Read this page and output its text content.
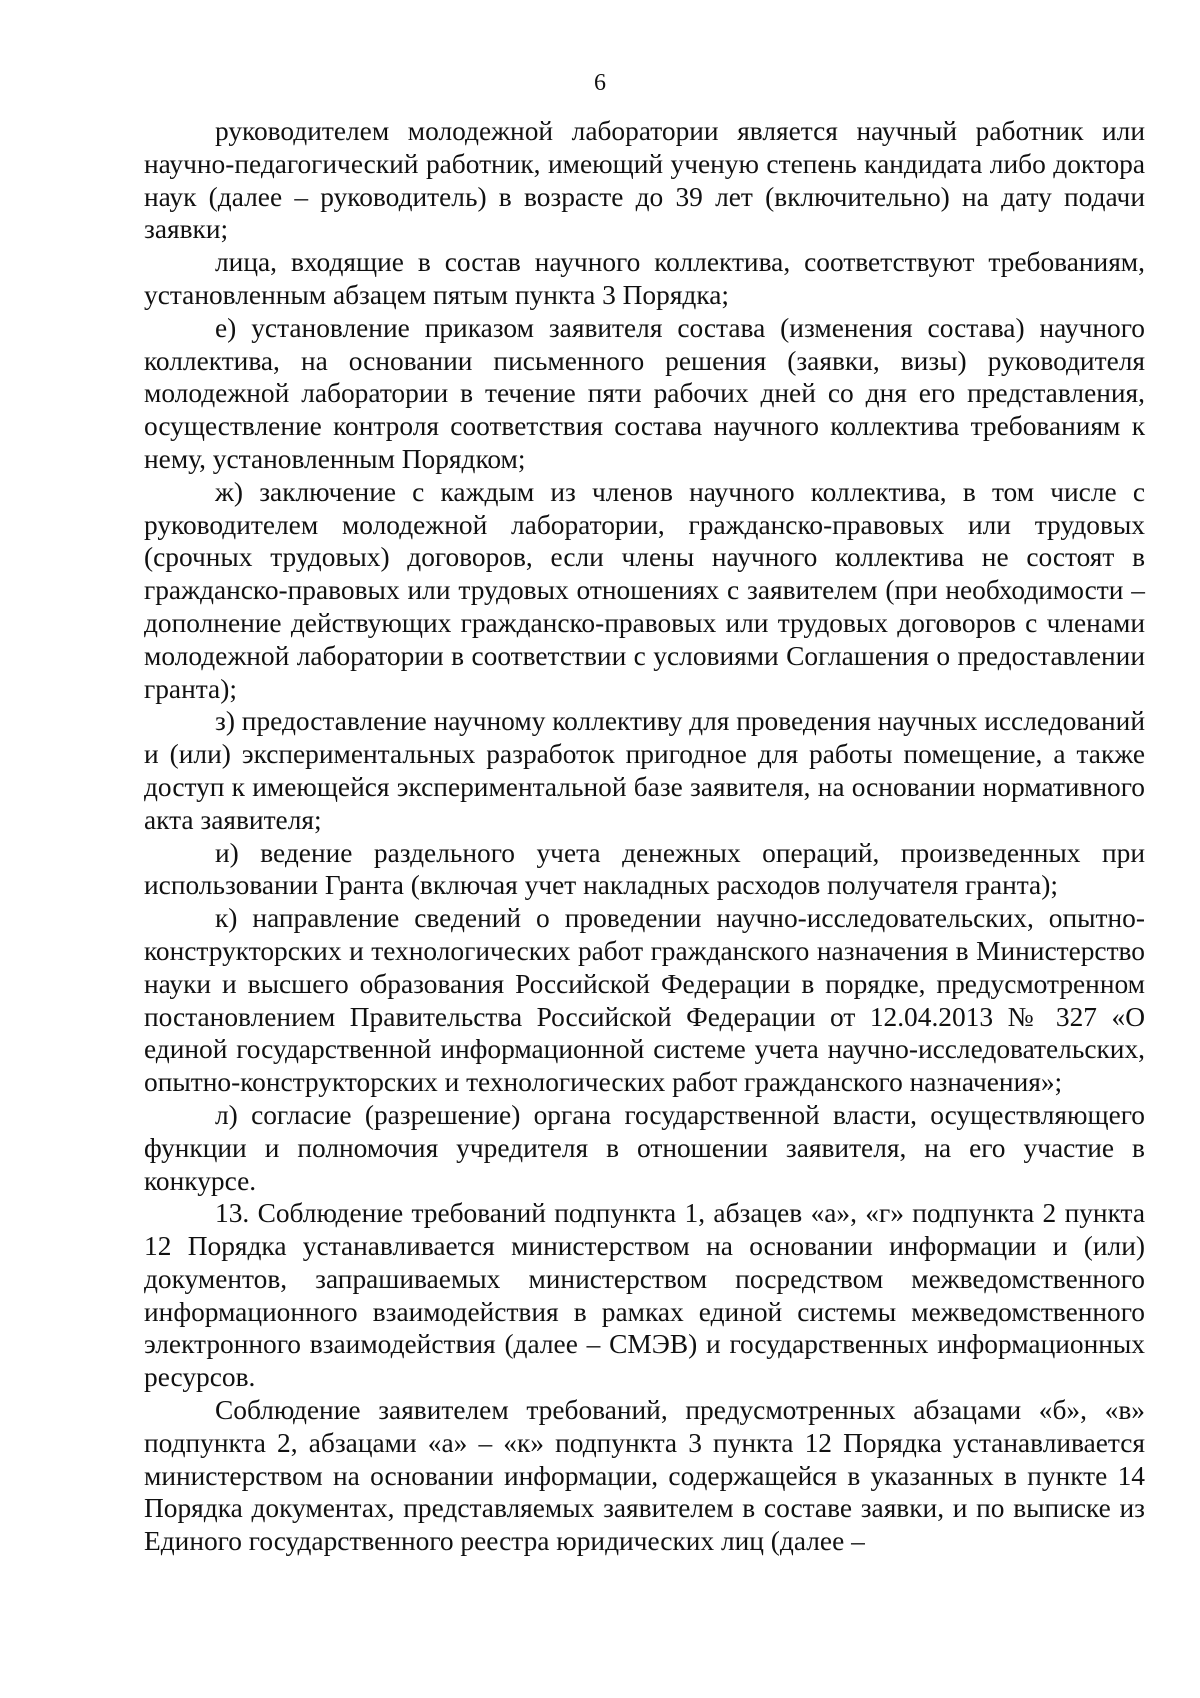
6

руководителем молодежной лаборатории является научный работник или научно-педагогический работник, имеющий ученую степень кандидата либо доктора наук (далее – руководитель) в возрасте до 39 лет (включительно) на дату подачи заявки;

лица, входящие в состав научного коллектива, соответствуют требованиям, установленным абзацем пятым пункта 3 Порядка;

е) установление приказом заявителя состава (изменения состава) научного коллектива, на основании письменного решения (заявки, визы) руководителя молодежной лаборатории в течение пяти рабочих дней со дня его представления, осуществление контроля соответствия состава научного коллектива требованиям к нему, установленным Порядком;

ж) заключение с каждым из членов научного коллектива, в том числе с руководителем молодежной лаборатории, гражданско-правовых или трудовых (срочных трудовых) договоров, если члены научного коллектива не состоят в гражданско-правовых или трудовых отношениях с заявителем (при необходимости – дополнение действующих гражданско-правовых или трудовых договоров с членами молодежной лаборатории в соответствии с условиями Соглашения о предоставлении гранта);

з) предоставление научному коллективу для проведения научных исследований и (или) экспериментальных разработок пригодное для работы помещение, а также доступ к имеющейся экспериментальной базе заявителя, на основании нормативного акта заявителя;

и) ведение раздельного учета денежных операций, произведенных при использовании Гранта (включая учет накладных расходов получателя гранта);

к) направление сведений о проведении научно-исследовательских, опытно-конструкторских и технологических работ гражданского назначения в Министерство науки и высшего образования Российской Федерации в порядке, предусмотренном постановлением Правительства Российской Федерации от 12.04.2013 № 327 «О единой государственной информационной системе учета научно-исследовательских, опытно-конструкторских и технологических работ гражданского назначения»;

л) согласие (разрешение) органа государственной власти, осуществляющего функции и полномочия учредителя в отношении заявителя, на его участие в конкурсе.

13. Соблюдение требований подпункта 1, абзацев «а», «г» подпункта 2 пункта 12 Порядка устанавливается министерством на основании информации и (или) документов, запрашиваемых министерством посредством межведомственного информационного взаимодействия в рамках единой системы межведомственного электронного взаимодействия (далее – СМЭВ) и государственных информационных ресурсов.

Соблюдение заявителем требований, предусмотренных абзацами «б», «в» подпункта 2, абзацами «а» – «к» подпункта 3 пункта 12 Порядка устанавливается министерством на основании информации, содержащейся в указанных в пункте 14 Порядка документах, представляемых заявителем в составе заявки, и по выписке из Единого государственного реестра юридических лиц (далее –
